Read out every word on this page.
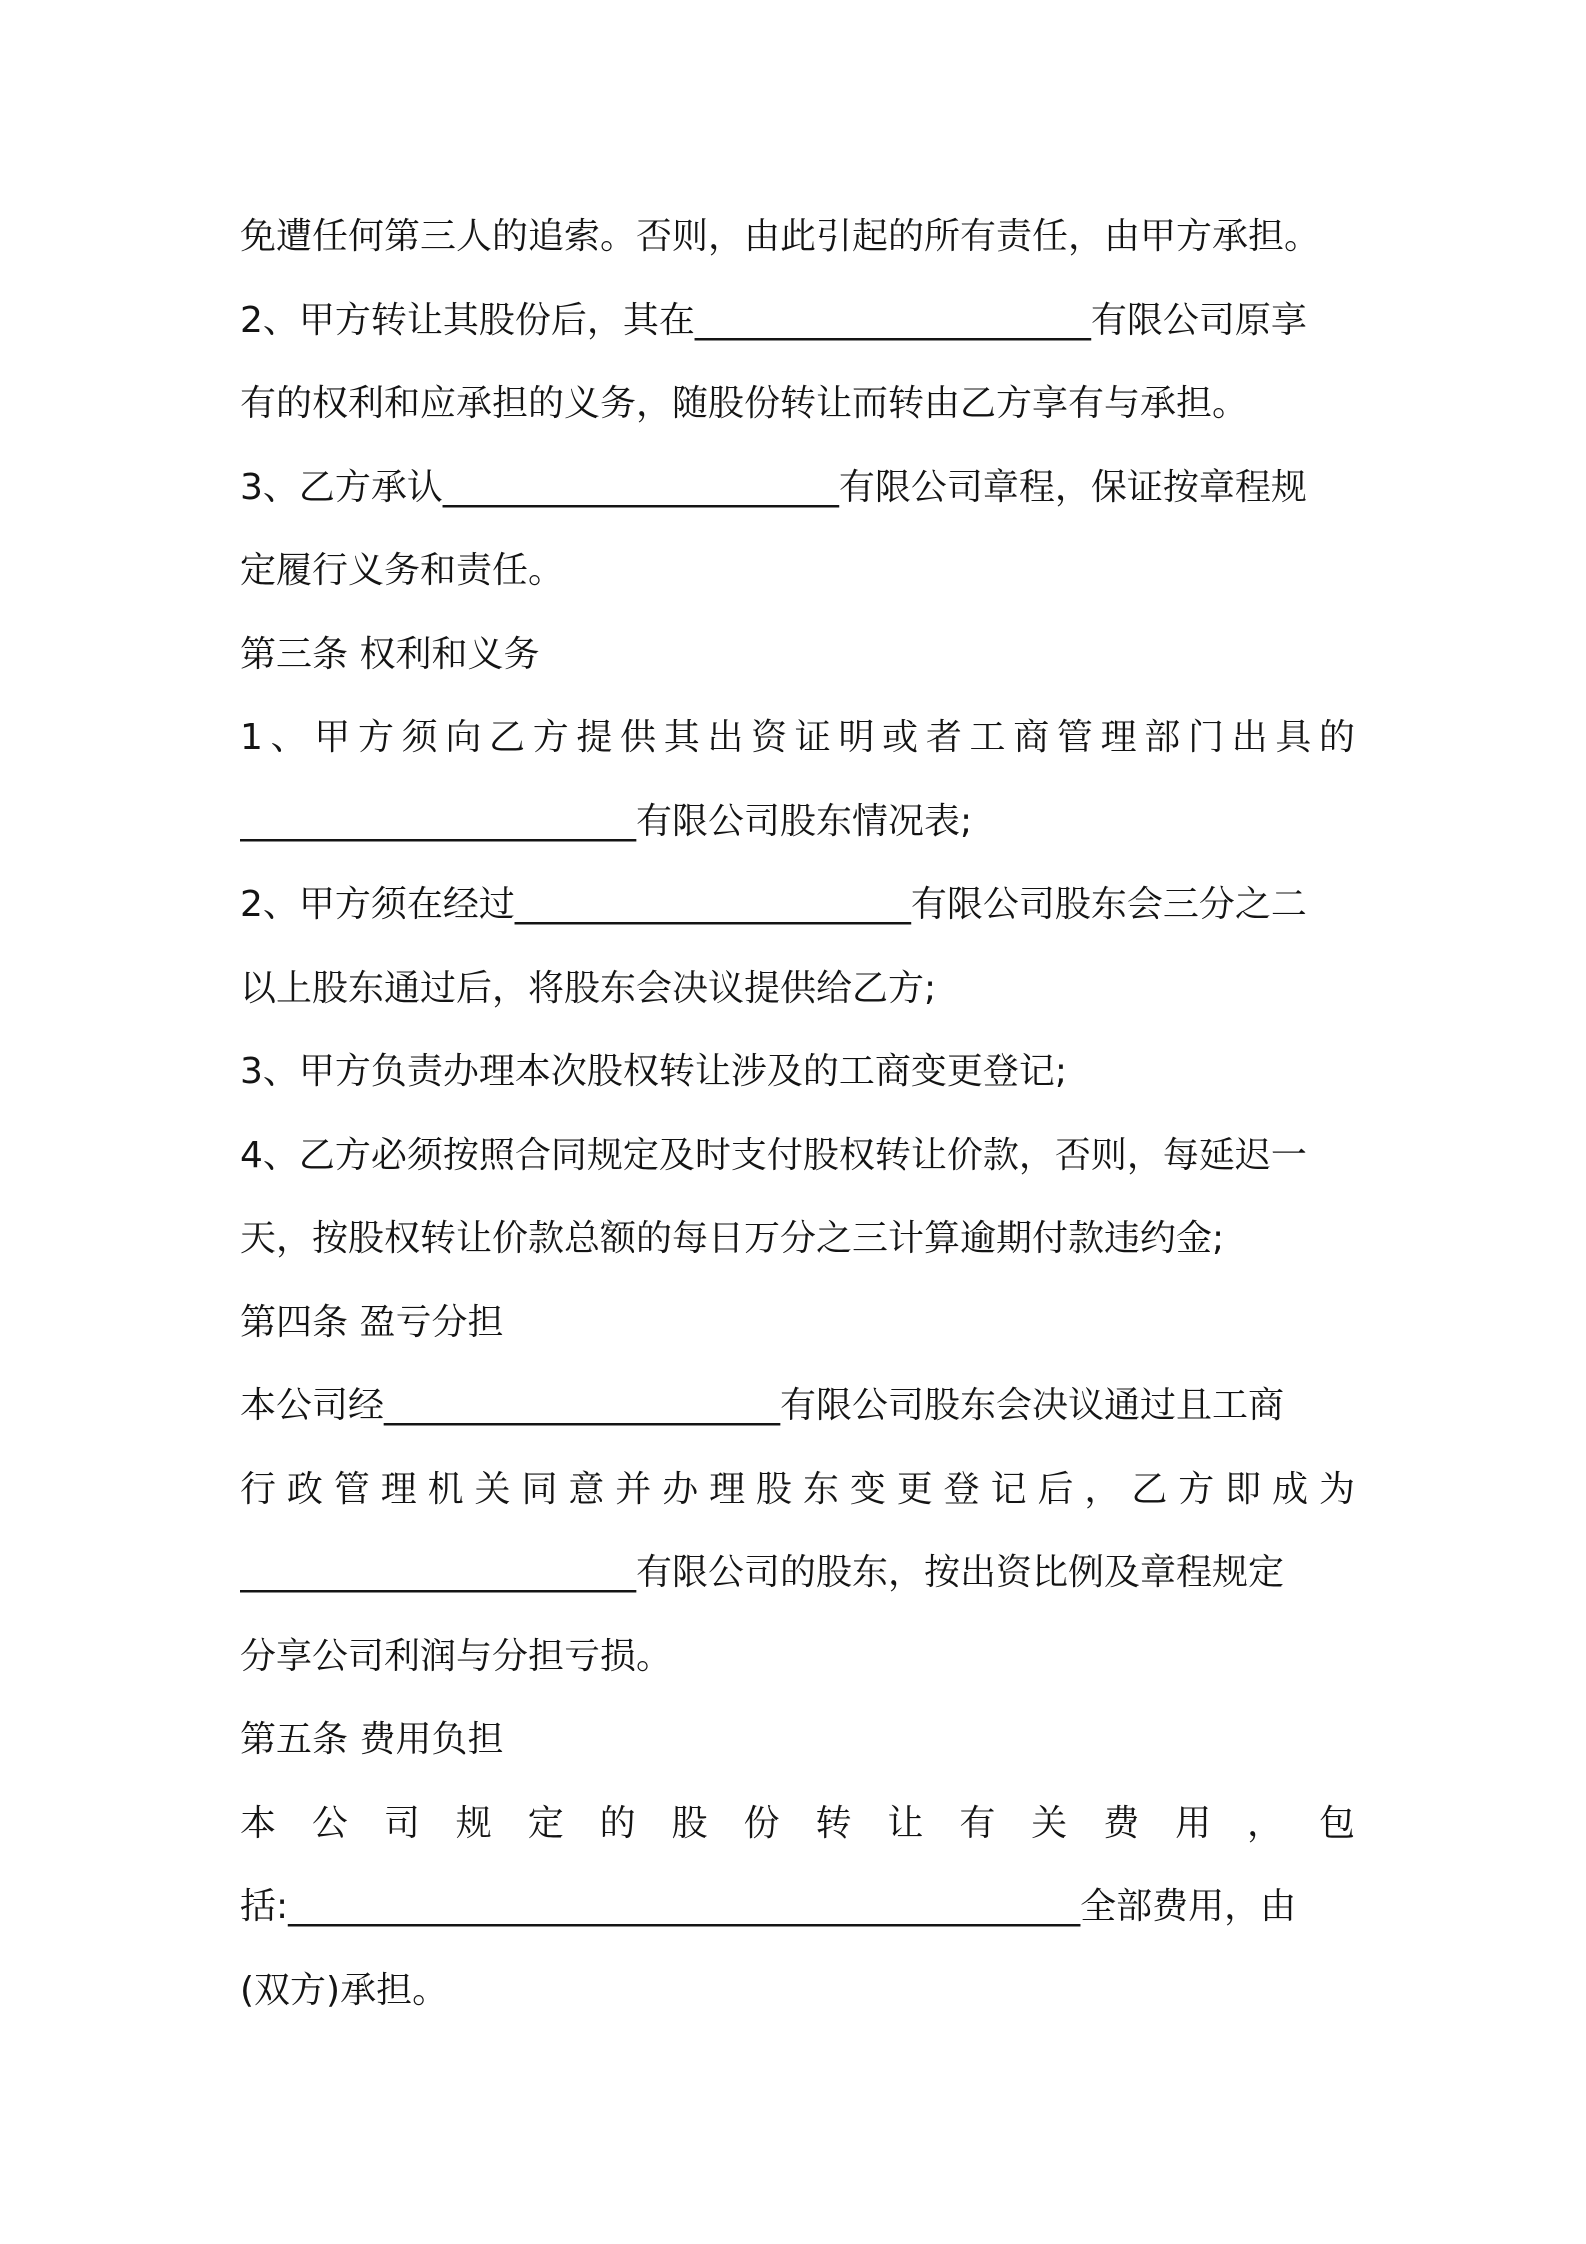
免遭任何第三人的追索。否则，由此引起的所有责任，由甲方承担。
2、甲方转让其股份后，其在______________________有限公司原享
有的权利和应承担的义务，随股份转让而转由乙方享有与承担。
3、乙方承认______________________有限公司章程，保证按章程规
定履行义务和责任。
第三条 权利和义务
1、甲方须向乙方提供其出资证明或者工商管理部门出具的
______________________有限公司股东情况表;
2、甲方须在经过______________________有限公司股东会三分之二
以上股东通过后，将股东会决议提供给乙方;
3、甲方负责办理本次股权转让涉及的工商变更登记;
4、乙方必须按照合同规定及时支付股权转让价款，否则，每延迟一
天，按股权转让价款总额的每日万分之三计算逾期付款违约金;
第四条 盈亏分担
本公司经______________________有限公司股东会决议通过且工商
行政管理机关同意并办理股东变更登记后，乙方即成为
______________________有限公司的股东，按出资比例及章程规定
分享公司利润与分担亏损。
第五条 费用负担
本 公 司 规 定 的 股 份 转 让 有 关 费 用 ， 包
括:____________________________________________全部费用，由
(双方)承担。
